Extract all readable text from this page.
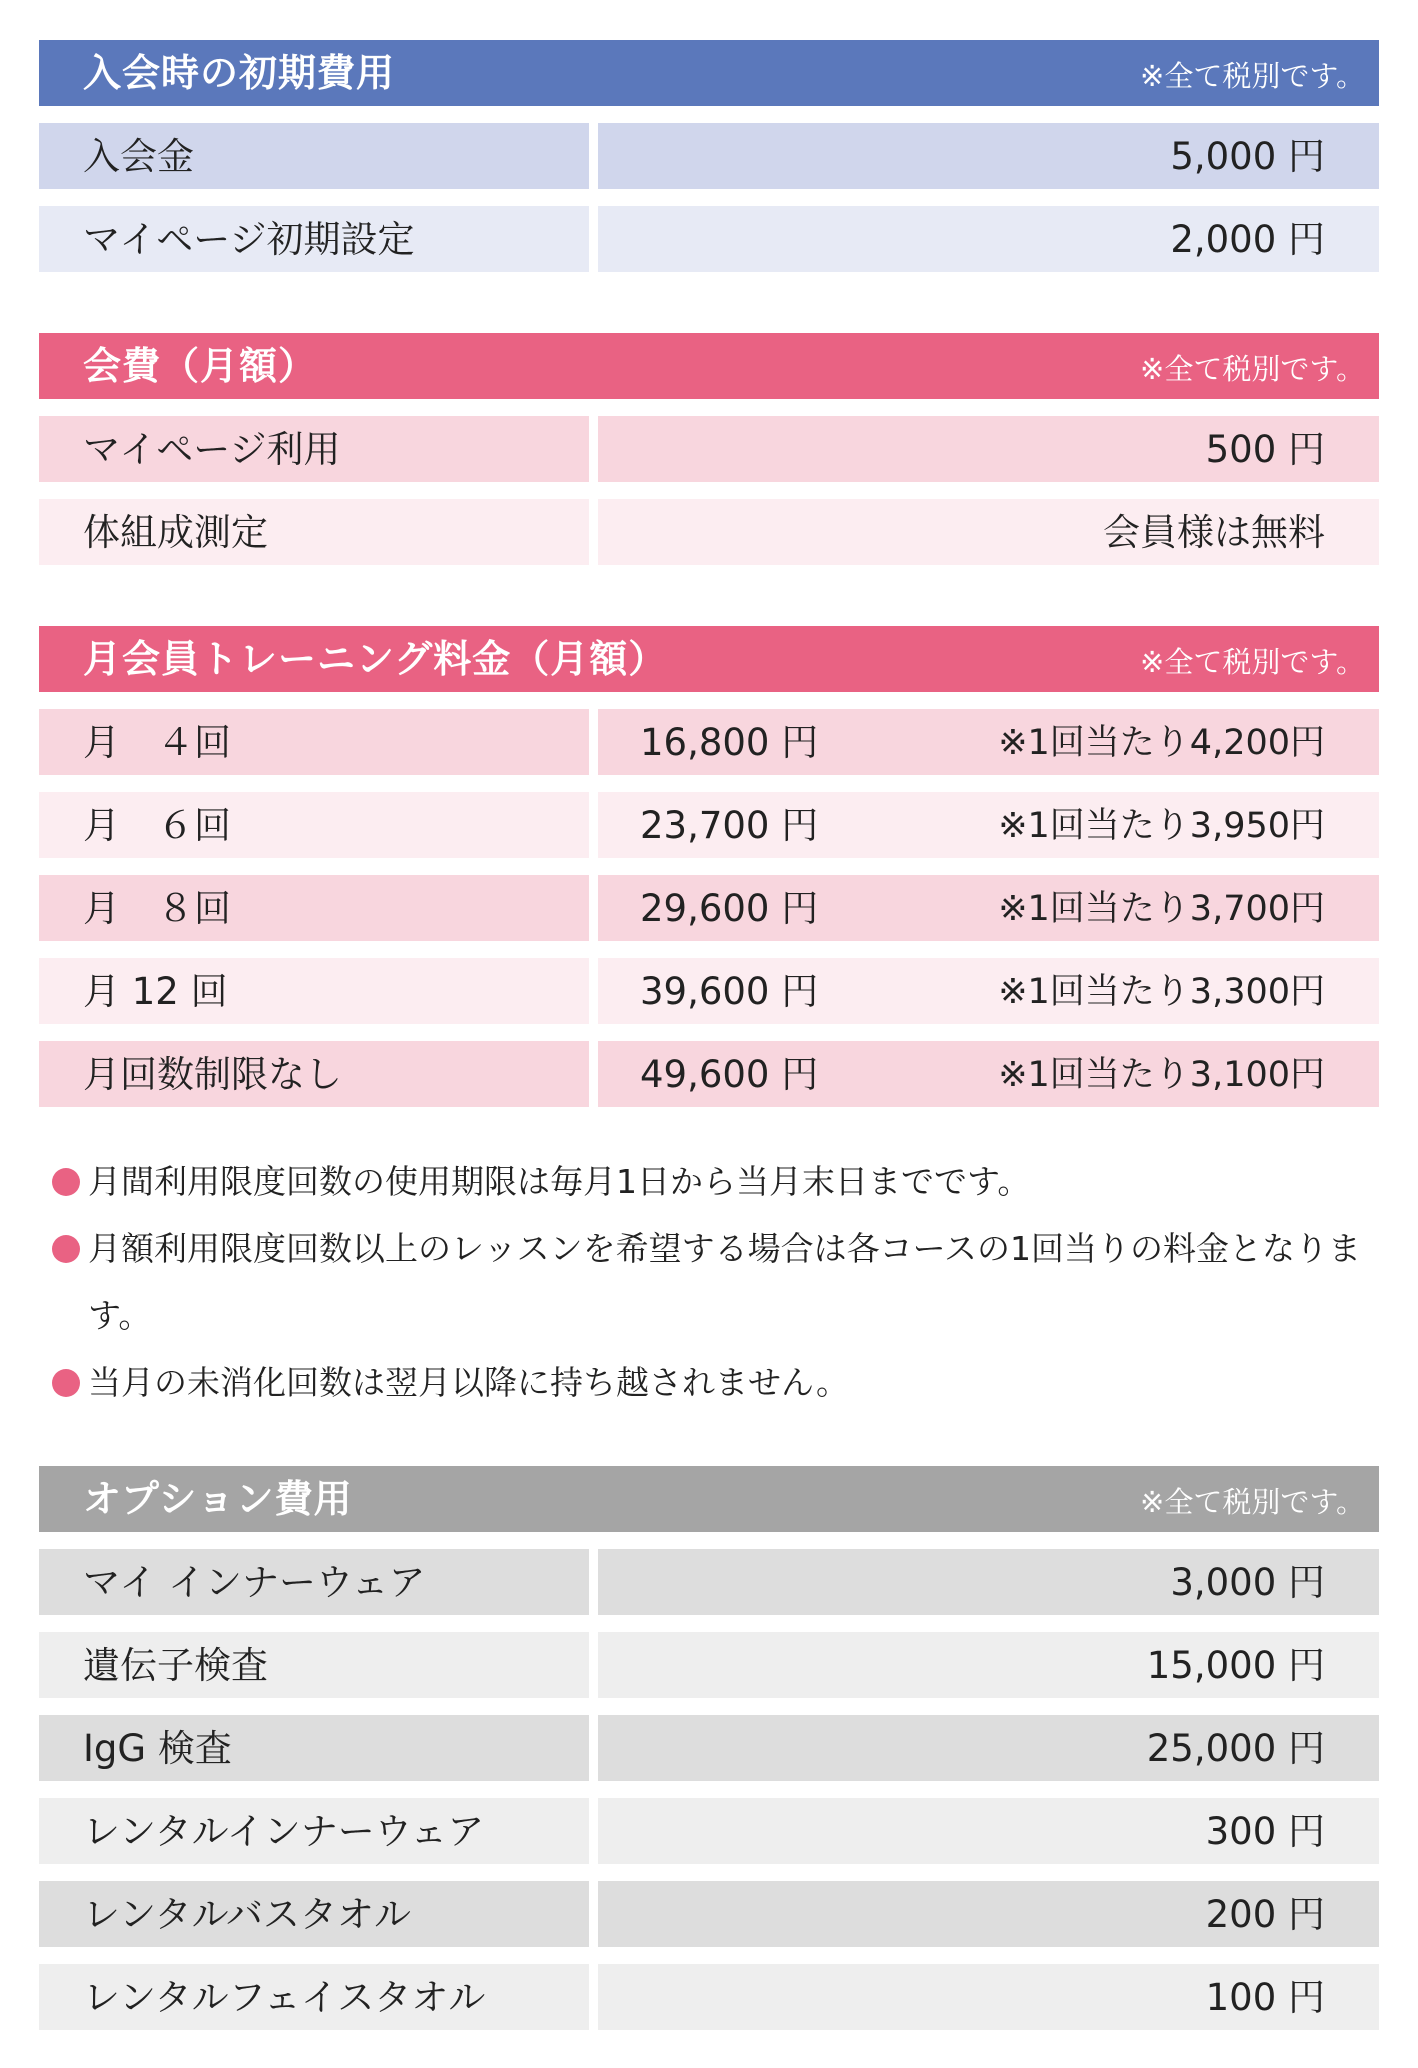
入会時の初期費用	※全て税別です。
入会金	5,000 円
マイページ初期設定	2,000 円
会費（月額）	※全て税別です。
マイページ利用	500 円
体組成測定	会員様は無料
月会員トレーニング料金（月額）	※全て税別です。
月　４回	16,800 円	※1回当たり4,200円
月　６回	23,700 円	※1回当たり3,950円
月　８回	29,600 円	※1回当たり3,700円
月 12 回	39,600 円	※1回当たり3,300円
月回数制限なし	49,600 円	※1回当たり3,100円
月間利用限度回数の使用期限は毎月1日から当月末日までです。
月額利用限度回数以上のレッスンを希望する場合は各コースの1回当りの料金となります。
当月の未消化回数は翌月以降に持ち越されません。
オプション費用	※全て税別です。
マイ インナーウェア	3,000 円
遺伝子検査	15,000 円
IgG 検査	25,000 円
レンタルインナーウェア	300 円
レンタルバスタオル	200 円
レンタルフェイスタオル	100 円
